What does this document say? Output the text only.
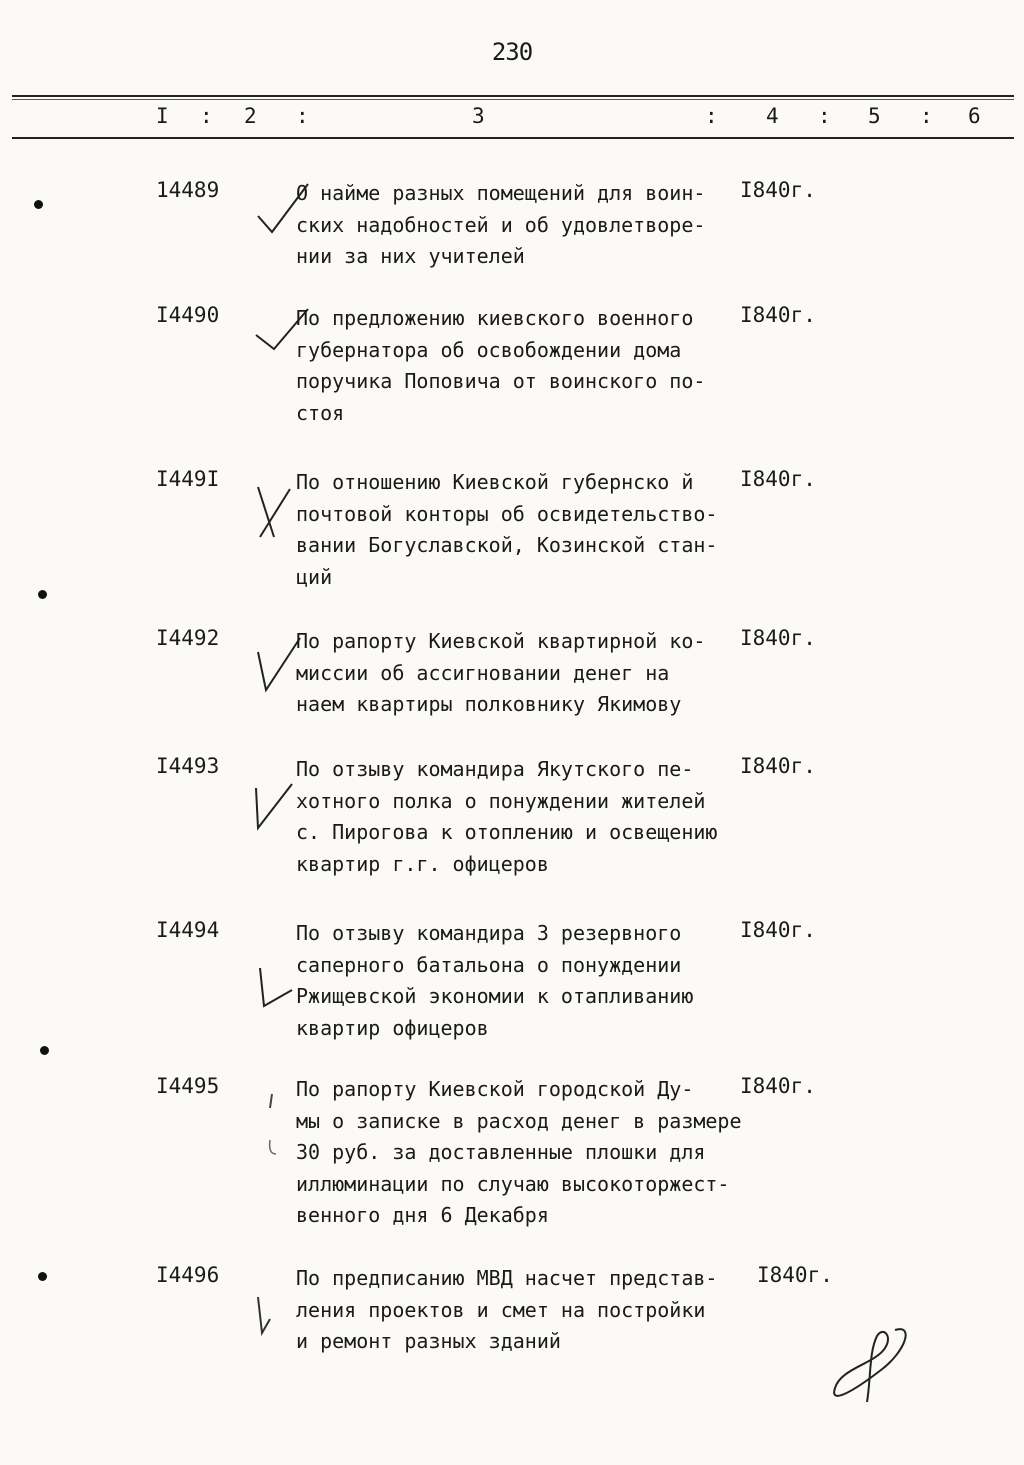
230
I : 2 :	3	: 4 : 5 : 6
14489	О найме разных помещений для воин-
ских надобностей и об удовлетворе-
нии за них учителей
I840г.
I4490	По предложению киевского военного
губернатора об освобождении дома
поручика Поповича от воинского по-
стоя
I840г.
I449I	По отношению Киевской губернско й
почтовой конторы об освидетельство-
вании Богуславской, Козинской стан-
ций
I840г.
I4492	По рапорту Киевской квартирной ко-
миссии об ассигновании денег на
наем квартиры полковнику Якимову
I840г.
I4493	По отзыву командира Якутского пе-
хотного полка о понуждении жителей
с. Пирогова к отоплению и освещению
квартир г.г. офицеров
I840г.
I4494	По отзыву командира 3 резервного
саперного батальона о понуждении
Ржищевской экономии к отапливанию
квартир офицеров
I840г.
I4495	По рапорту Киевской городской Ду-
мы о записке в расход денег в размере
30 руб. за доставленные плошки для
иллюминации по случаю высокоторжест-
венного дня 6 Декабря
I840г.
I4496	По предписанию МВД насчет представ-
ления проектов и смет на постройки
и ремонт разных зданий
I840г.
